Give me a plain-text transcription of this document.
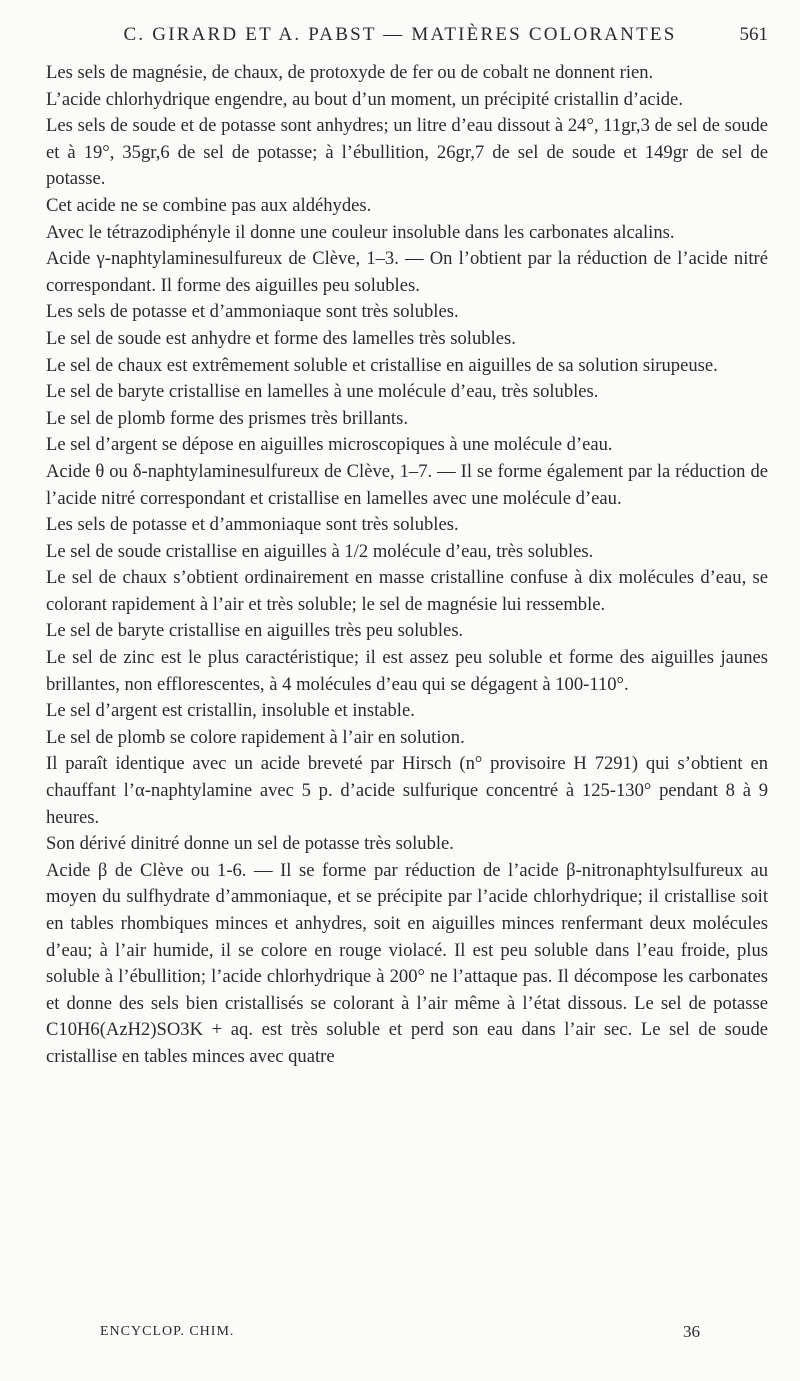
C. GIRARD ET A. PABST — MATIÈRES COLORANTES	561

Les sels de magnésie, de chaux, de protoxyde de fer ou de cobalt ne donnent rien.

L’acide chlorhydrique engendre, au bout d’un moment, un précipité cristallin d’acide.

Les sels de soude et de potasse sont anhydres; un litre d’eau dissout à 24°, 11gr,3 de sel de soude et à 19°, 35gr,6 de sel de potasse; à l’ébullition, 26gr,7 de sel de soude et 149gr de sel de potasse.

Cet acide ne se combine pas aux aldéhydes.

Avec le tétrazodiphényle il donne une couleur insoluble dans les carbonates alcalins.

Acide γ-naphtylaminesulfureux de Clève, 1–3. — On l’obtient par la réduction de l’acide nitré correspondant. Il forme des aiguilles peu solubles.

Les sels de potasse et d’ammoniaque sont très solubles.

Le sel de soude est anhydre et forme des lamelles très solubles.

Le sel de chaux est extrêmement soluble et cristallise en aiguilles de sa solution sirupeuse.

Le sel de baryte cristallise en lamelles à une molécule d’eau, très solubles.

Le sel de plomb forme des prismes très brillants.

Le sel d’argent se dépose en aiguilles microscopiques à une molécule d’eau.

Acide θ ou δ-naphtylaminesulfureux de Clève, 1–7. — Il se forme également par la réduction de l’acide nitré correspondant et cristallise en lamelles avec une molécule d’eau.

Les sels de potasse et d’ammoniaque sont très solubles.

Le sel de soude cristallise en aiguilles à 1/2 molécule d’eau, très solubles.

Le sel de chaux s’obtient ordinairement en masse cristalline confuse à dix molécules d’eau, se colorant rapidement à l’air et très soluble; le sel de magnésie lui ressemble.

Le sel de baryte cristallise en aiguilles très peu solubles.

Le sel de zinc est le plus caractéristique; il est assez peu soluble et forme des aiguilles jaunes brillantes, non efflorescentes, à 4 molécules d’eau qui se dégagent à 100-110°.

Le sel d’argent est cristallin, insoluble et instable.

Le sel de plomb se colore rapidement à l’air en solution.

Il paraît identique avec un acide breveté par Hirsch (n° provisoire H 7291) qui s’obtient en chauffant l’α-naphtylamine avec 5 p. d’acide sulfurique concentré à 125-130° pendant 8 à 9 heures.

Son dérivé dinitré donne un sel de potasse très soluble.

Acide β de Clève ou 1-6. — Il se forme par réduction de l’acide β-nitronaphtylsulfureux au moyen du sulfhydrate d’ammoniaque, et se précipite par l’acide chlorhydrique; il cristallise soit en tables rhombiques minces et anhydres, soit en aiguilles minces renfermant deux molécules d’eau; à l’air humide, il se colore en rouge violacé. Il est peu soluble dans l’eau froide, plus soluble à l’ébullition; l’acide chlorhydrique à 200° ne l’attaque pas. Il décompose les carbonates et donne des sels bien cristallisés se colorant à l’air même à l’état dissous. Le sel de potasse C10H6(AzH2)SO3K + aq. est très soluble et perd son eau dans l’air sec. Le sel de soude cristallise en tables minces avec quatre

ENCYCLOP. CHIM.	36
